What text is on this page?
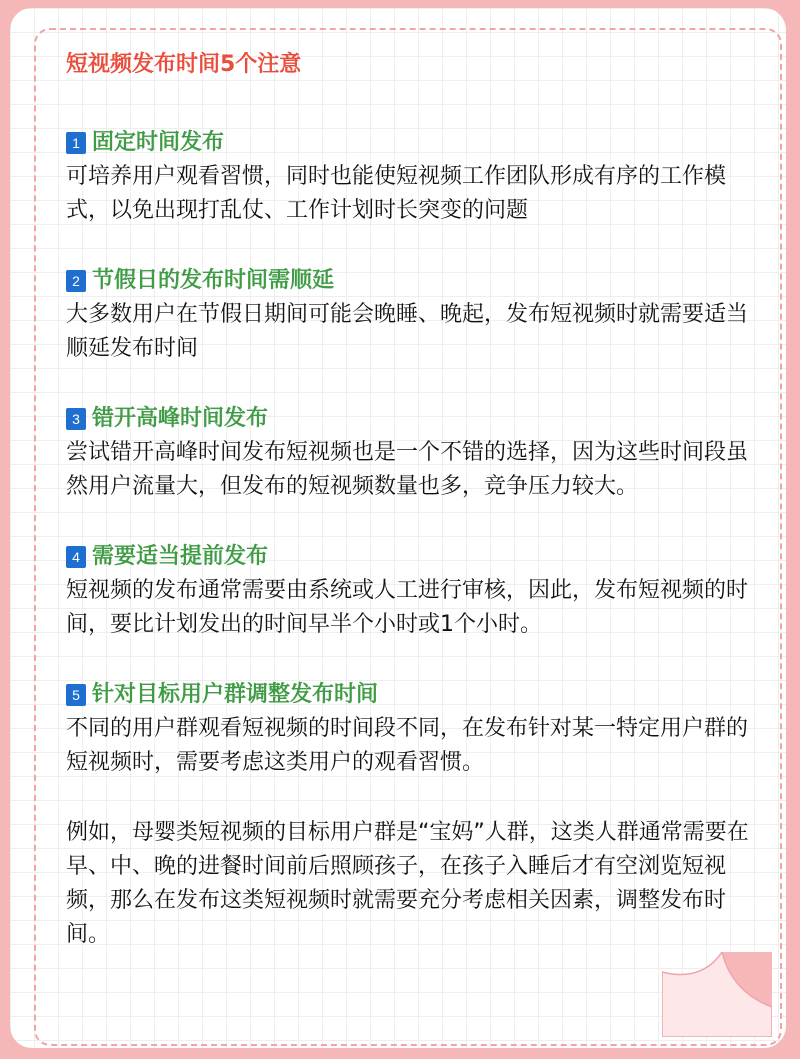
短视频发布时间5个注意
1 固定时间发布

可培养用户观看習惯，同时也能使短视频工作团队形成有序的工作模式，以免出现打乱仗、工作计划时长突变的问题

2 节假日的发布时间需顺延

大多数用户在节假日期间可能会晚睡、晚起，发布短视频时就需要适当顺延发布时间

3 错开高峰时间发布

尝试错开高峰时间发布短视频也是一个不错的选择，因为这些时间段虽然用户流量大，但发布的短视频数量也多，竞争压力较大。

4 需要适当提前发布

短视频的发布通常需要由系统或人工进行审核，因此，发布短视频的时间，要比计划发出的时间早半个小时或1个小时。

5 针对目标用户群调整发布时间

不同的用户群观看短视频的时间段不同，在发布针对某一特定用户群的短视频时，需要考虑这类用户的观看習惯。

例如，母婴类短视频的目标用户群是“宝妈”人群，这类人群通常需要在早、中、晚的进餐时间前后照顾孩子，在孩子入睡后才有空浏览短视频，那么在发布这类短视频时就需要充分考虑相关因素，调整发布时间。
